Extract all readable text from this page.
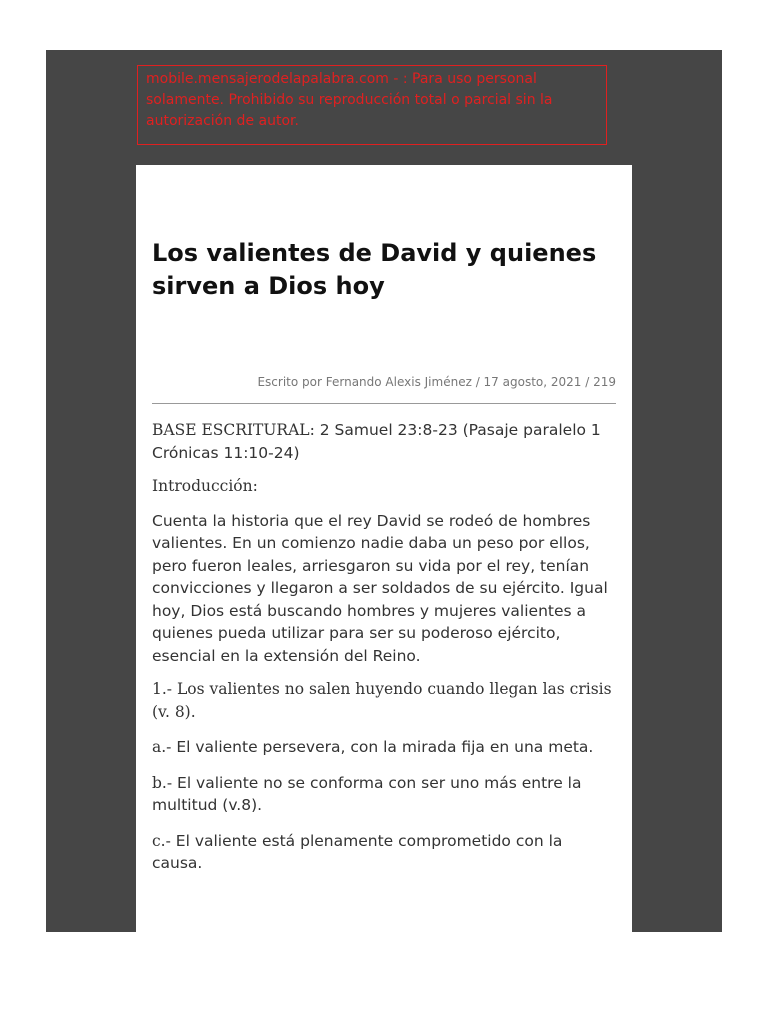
mobile.mensajerodelapalabra.com - : Para uso personal solamente. Prohibido su reproducción total o parcial sin la autorización de autor.
Los valientes de David y quienes sirven a Dios hoy
Escrito por Fernando Alexis Jiménez / 17 agosto, 2021 / 219
BASE ESCRITURAL: 2 Samuel 23:8-23 (Pasaje paralelo 1 Crónicas 11:10-24)
Introducción:
Cuenta la historia que el rey David se rodeó de hombres valientes. En un comienzo nadie daba un peso por ellos, pero fueron leales, arriesgaron su vida por el rey, tenían convicciones y llegaron a ser soldados de su ejército. Igual hoy, Dios está buscando hombres y mujeres valientes a quienes pueda utilizar para ser su poderoso ejército, esencial en la extensión del Reino.
1.- Los valientes no salen huyendo cuando llegan las crisis (v. 8).
a.- El valiente persevera, con la mirada fija en una meta.
b.- El valiente no se conforma con ser uno más entre la multitud (v.8).
c.- El valiente está plenamente comprometido con la causa.
